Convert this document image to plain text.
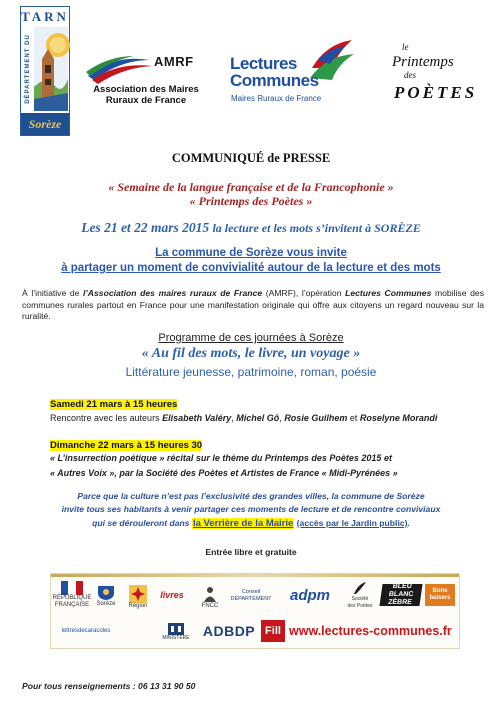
TARN
DÉPARTEMENT DU
Sorèze
AMRF
Association des Maires
Ruraux de France
Lectures
Communes
Maires Ruraux de France
le
Printemps
des
POÈTES
COMMUNIQUÉ de PRESSE
« Semaine de la langue française et de la Francophonie »
« Printemps des Poètes »
Les 21 et 22 mars 2015 la lecture et les mots s’invitent à SORÈZE
La commune de Sorèze vous invite
à partager un moment de convivialité autour de la lecture et des mots
À l’initiative de l’Association des maires ruraux de France (AMRF), l’opération Lectures Communes mobilise des communes rurales partout en France pour une manifestation originale qui offre aux citoyens un regard nouveau sur la ruralité.
Programme de ces journées à Sorèze
« Au fil des mots, le livre, un voyage »
Littérature jeunesse, patrimoine, roman, poésie
Samedi 21 mars à 15 heures
Rencontre avec les auteurs Elisabeth Valéry, Michel Gô, Rosie Guilhem et Roselyne Morandi
Dimanche 22 mars à 15 heures 30
« L’insurrection poétique » récital sur le thème du Printemps des Poètes 2015 et
« Autres Voix », par la Société des Poètes et Artistes de France « Midi-Pyrénées »
Parce que la culture n’est pas l’exclusivité des grandes villes, la commune de Sorèze
invite tous ses habitants à venir partager ces moments de lecture et de rencontre conviviaux
qui se dérouleront dans la Verrière de la Mairie (accès par le Jardin public).
Entrée libre et gratuite
RÉPUBLIQUE FRANÇAISE	Sorèze Région
livres
FNCC
Conseil DÉPARTEMENT	adpm	Société des Poètes
BLEU BLANC ZÈBRE
Bons baisers
lettresdecaracoles
MINISTÈRE ADBDP Fill www.lectures-communes.fr
Pour tous renseignements : 06 13 31 90 50
